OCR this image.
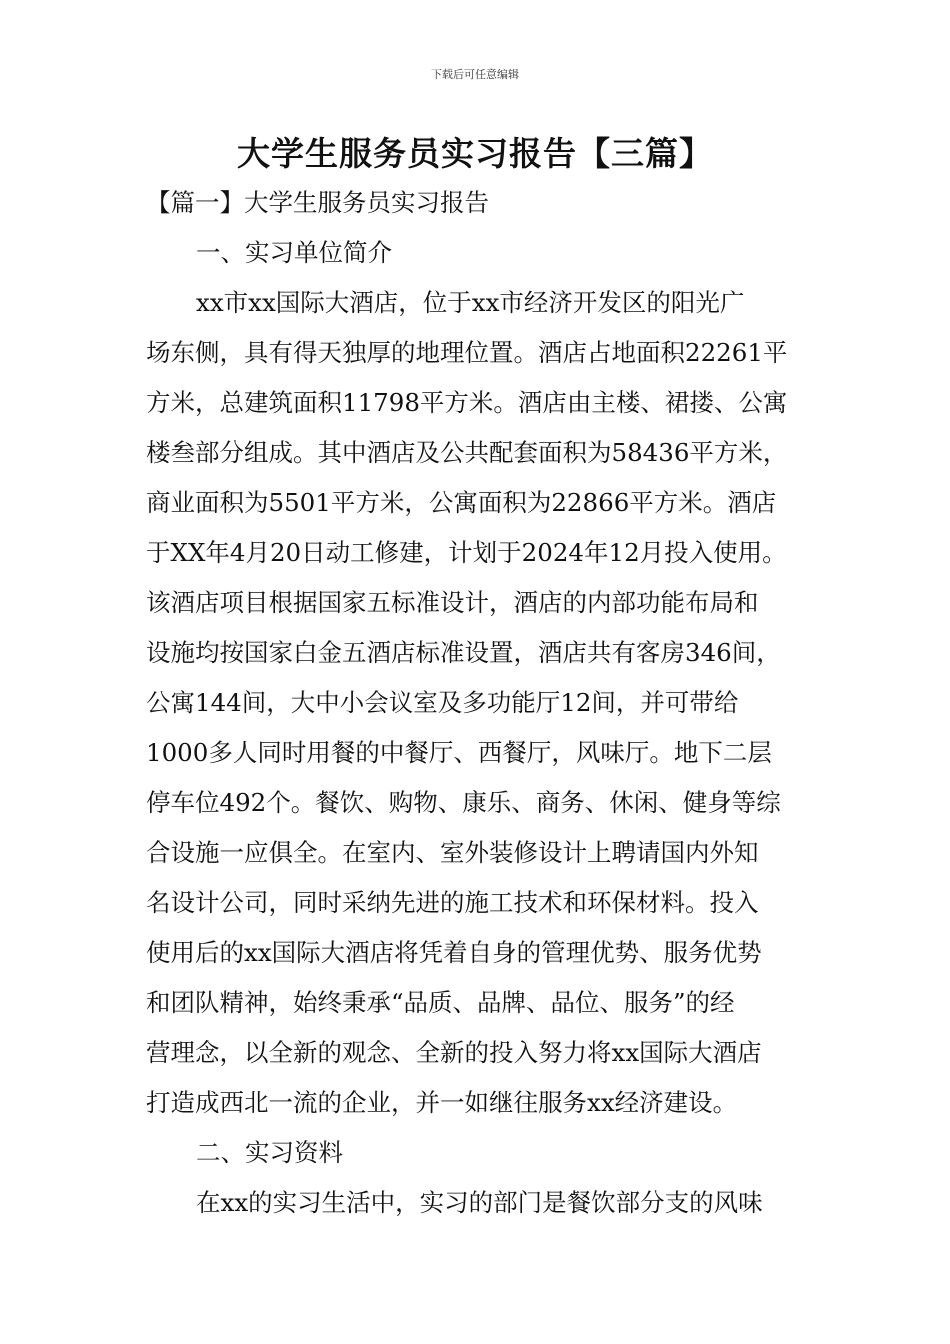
下载后可任意编辑
大学生服务员实习报告【三篇】
【篇一】大学生服务员实习报告
一、实习单位简介
xx市xx国际大酒店，位于xx市经济开发区的阳光广
场东侧，具有得天独厚的地理位置。酒店占地面积22261平
方米，总建筑面积11798平方米。酒店由主楼、裙搂、公寓
楼叁部分组成。其中酒店及公共配套面积为58436平方米，
商业面积为5501平方米，公寓面积为22866平方米。酒店
于XX年4月20日动工修建，计划于2024年12月投入使用。
该酒店项目根据国家五标准设计，酒店的内部功能布局和
设施均按国家白金五酒店标准设置，酒店共有客房346间，
公寓144间，大中小会议室及多功能厅12间，并可带给
1000多人同时用餐的中餐厅、西餐厅，风味厅。地下二层
停车位492个。餐饮、购物、康乐、商务、休闲、健身等综
合设施一应俱全。在室内、室外装修设计上聘请国内外知
名设计公司，同时采纳先进的施工技术和环保材料。投入
使用后的xx国际大酒店将凭着自身的管理优势、服务优势
和团队精神，始终秉承“品质、品牌、品位、服务”的经
营理念，以全新的观念、全新的投入努力将xx国际大酒店
打造成西北一流的企业，并一如继往服务xx经济建设。
二、实习资料
在xx的实习生活中，实习的部门是餐饮部分支的风味
